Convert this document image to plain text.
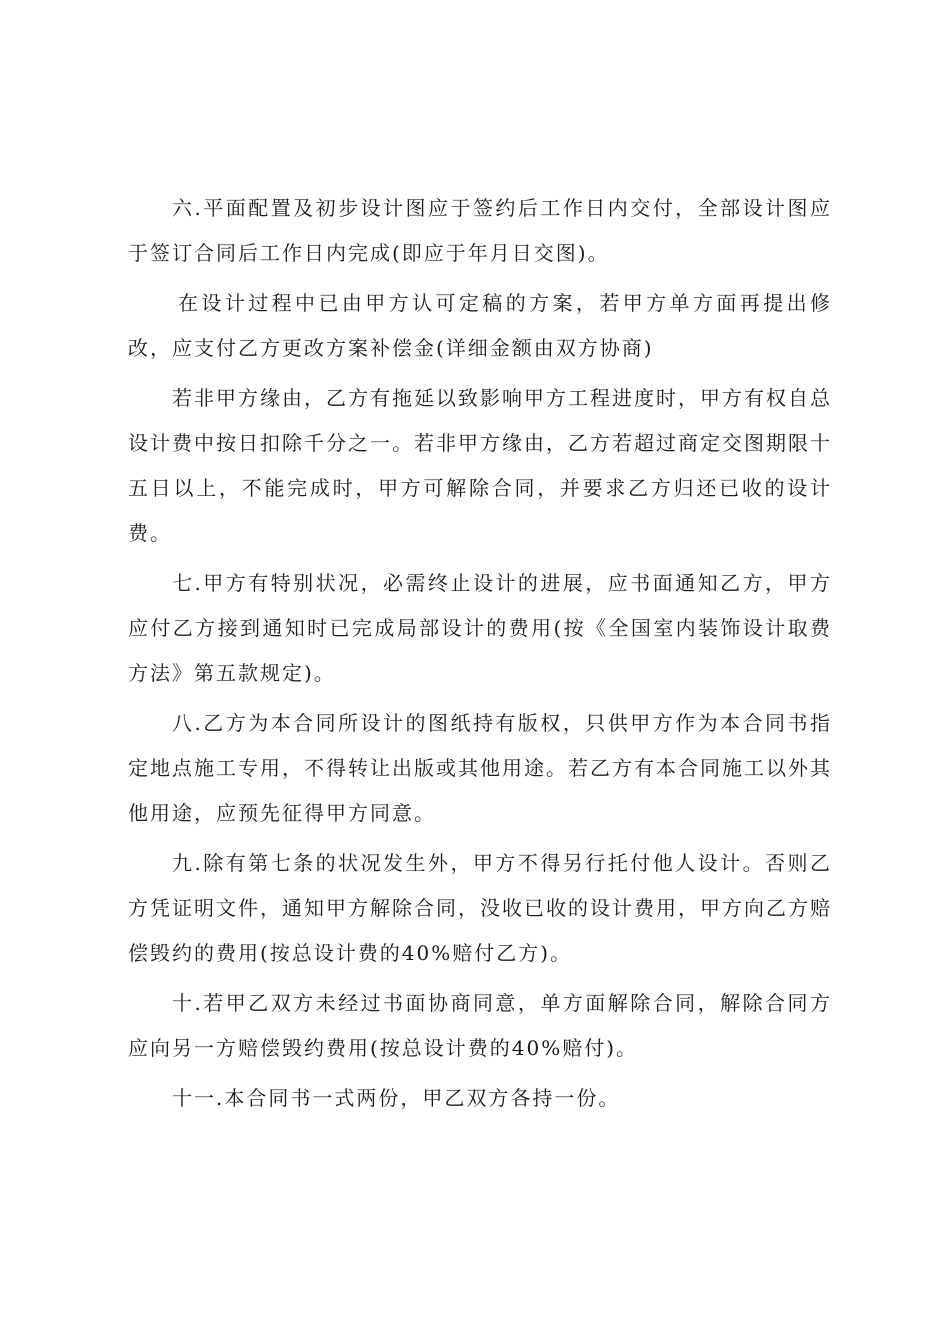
六.平面配置及初步设计图应于签约后工作日内交付，全部设计图应于签订合同后工作日内完成(即应于年月日交图)。

在设计过程中已由甲方认可定稿的方案，若甲方单方面再提出修改，应支付乙方更改方案补偿金(详细金额由双方协商)

若非甲方缘由，乙方有拖延以致影响甲方工程进度时，甲方有权自总设计费中按日扣除千分之一。若非甲方缘由，乙方若超过商定交图期限十五日以上，不能完成时，甲方可解除合同，并要求乙方归还已收的设计费。

七.甲方有特别状况，必需终止设计的进展，应书面通知乙方，甲方应付乙方接到通知时已完成局部设计的费用(按《全国室内装饰设计取费方法》第五款规定)。

八.乙方为本合同所设计的图纸持有版权，只供甲方作为本合同书指定地点施工专用，不得转让出版或其他用途。若乙方有本合同施工以外其他用途，应预先征得甲方同意。

九.除有第七条的状况发生外，甲方不得另行托付他人设计。否则乙方凭证明文件，通知甲方解除合同，没收已收的设计费用，甲方向乙方赔偿毁约的费用(按总设计费的40%赔付乙方)。

十.若甲乙双方未经过书面协商同意，单方面解除合同，解除合同方应向另一方赔偿毁约费用(按总设计费的40%赔付)。

十一.本合同书一式两份，甲乙双方各持一份。
